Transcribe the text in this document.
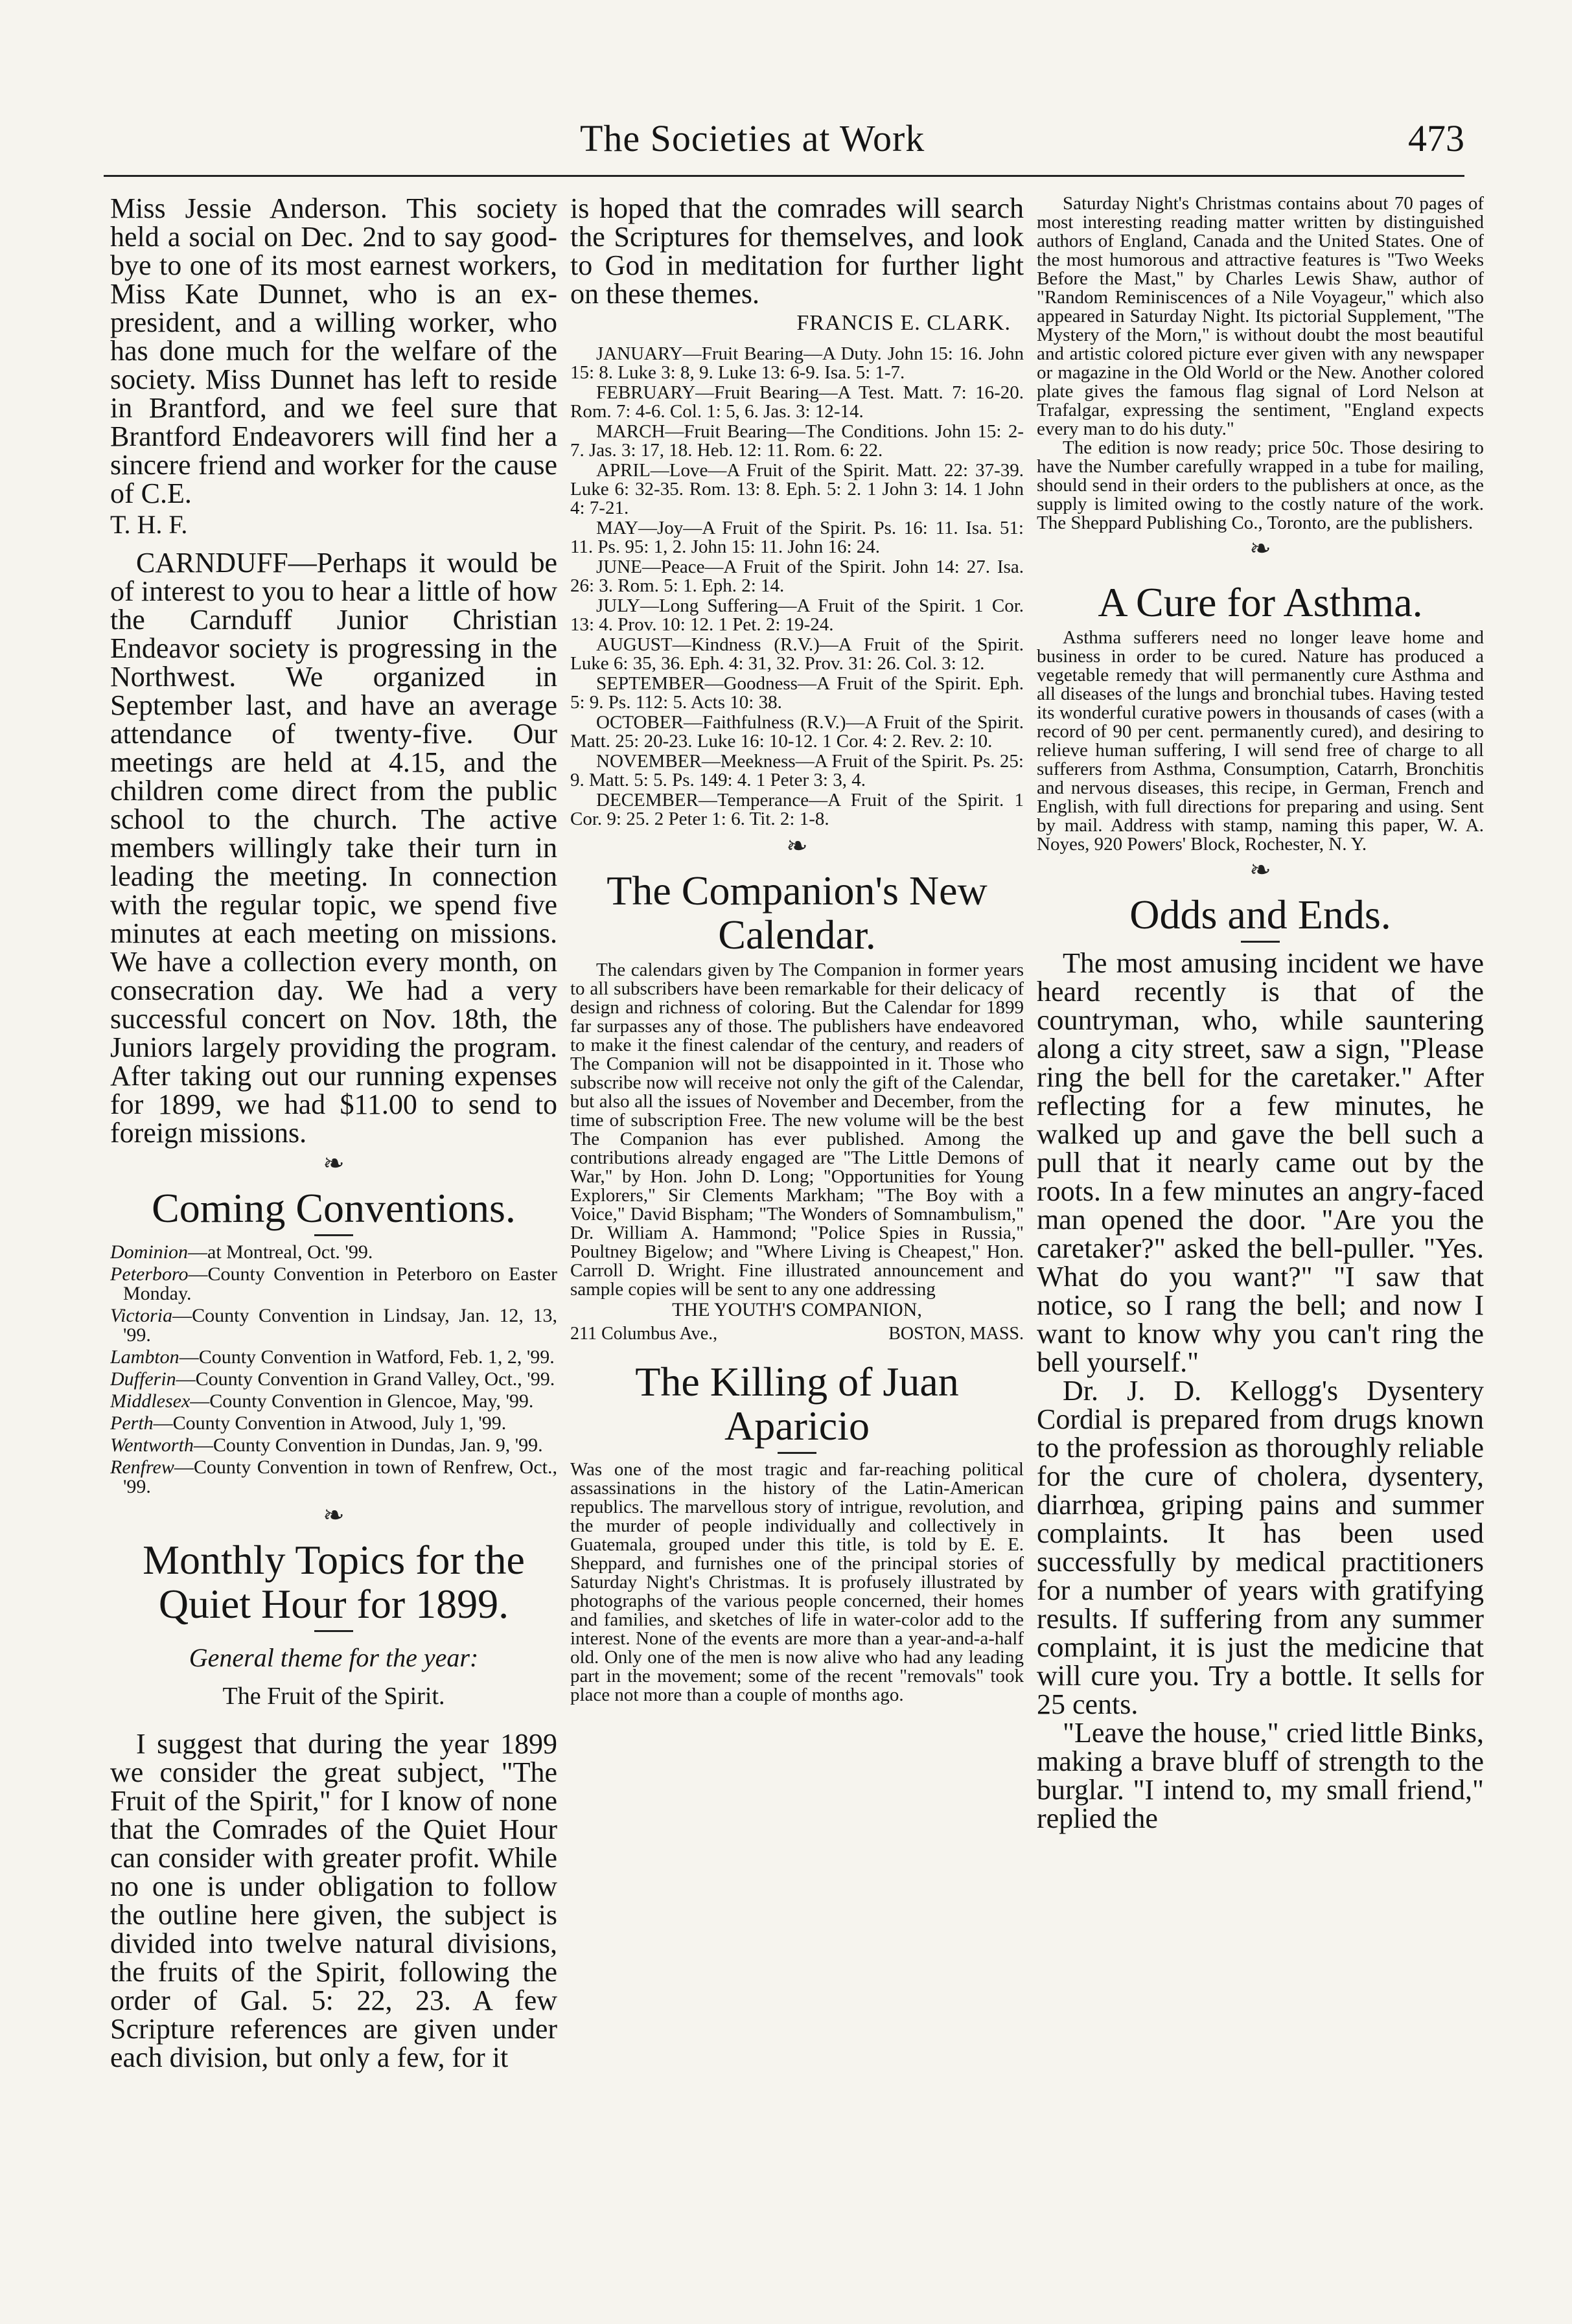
The Societies at Work	473

Miss Jessie Anderson. This society held a social on Dec. 2nd to say good-bye to one of its most earnest workers, Miss Kate Dunnet, who is an ex-president, and a willing worker, who has done much for the welfare of the society. Miss Dunnet has left to reside in Brantford, and we feel sure that Brantford Endeavorers will find her a sincere friend and worker for the cause of C.E.

T. H. F.

CARNDUFF—Perhaps it would be of interest to you to hear a little of how the Carnduff Junior Christian Endeavor society is progressing in the Northwest. We organized in September last, and have an average attendance of twenty-five. Our meetings are held at 4.15, and the children come direct from the public school to the church. The active members willingly take their turn in leading the meeting. In connection with the regular topic, we spend five minutes at each meeting on missions. We have a collection every month, on consecration day. We had a very successful concert on Nov. 18th, the Juniors largely providing the program. After taking out our running expenses for 1899, we had $11.00 to send to foreign missions.

❧
Coming Conventions.

Dominion—at Montreal, Oct. '99.

Peterboro—County Convention in Peterboro on Easter Monday.

Victoria—County Convention in Lindsay, Jan. 12, 13, '99.

Lambton—County Convention in Watford, Feb. 1, 2, '99.

Dufferin—County Convention in Grand Valley, Oct., '99.

Middlesex—County Convention in Glencoe, May, '99.

Perth—County Convention in Atwood, July 1, '99.

Wentworth—County Convention in Dundas, Jan. 9, '99.

Renfrew—County Convention in town of Renfrew, Oct., '99.

❧
Monthly Topics for the Quiet Hour for 1899.
General theme for the year:
The Fruit of the Spirit.

I suggest that during the year 1899 we consider the great subject, "The Fruit of the Spirit," for I know of none that the Comrades of the Quiet Hour can consider with greater profit. While no one is under obligation to follow the outline here given, the subject is divided into twelve natural divisions, the fruits of the Spirit, following the order of Gal. 5: 22, 23. A few Scripture references are given under each division, but only a few, for it

is hoped that the comrades will search the Scriptures for themselves, and look to God in meditation for further light on these themes.

FRANCIS E. CLARK.

JANUARY—Fruit Bearing—A Duty. John 15: 16. John 15: 8. Luke 3: 8, 9. Luke 13: 6-9. Isa. 5: 1-7.

FEBRUARY—Fruit Bearing—A Test. Matt. 7: 16-20. Rom. 7: 4-6. Col. 1: 5, 6. Jas. 3: 12-14.

MARCH—Fruit Bearing—The Conditions. John 15: 2-7. Jas. 3: 17, 18. Heb. 12: 11. Rom. 6: 22.

APRIL—Love—A Fruit of the Spirit. Matt. 22: 37-39. Luke 6: 32-35. Rom. 13: 8. Eph. 5: 2. 1 John 3: 14. 1 John 4: 7-21.

MAY—Joy—A Fruit of the Spirit. Ps. 16: 11. Isa. 51: 11. Ps. 95: 1, 2. John 15: 11. John 16: 24.

JUNE—Peace—A Fruit of the Spirit. John 14: 27. Isa. 26: 3. Rom. 5: 1. Eph. 2: 14.

JULY—Long Suffering—A Fruit of the Spirit. 1 Cor. 13: 4. Prov. 10: 12. 1 Pet. 2: 19-24.

AUGUST—Kindness (R.V.)—A Fruit of the Spirit. Luke 6: 35, 36. Eph. 4: 31, 32. Prov. 31: 26. Col. 3: 12.

SEPTEMBER—Goodness—A Fruit of the Spirit. Eph. 5: 9. Ps. 112: 5. Acts 10: 38.

OCTOBER—Faithfulness (R.V.)—A Fruit of the Spirit. Matt. 25: 20-23. Luke 16: 10-12. 1 Cor. 4: 2. Rev. 2: 10.

NOVEMBER—Meekness—A Fruit of the Spirit. Ps. 25: 9. Matt. 5: 5. Ps. 149: 4. 1 Peter 3: 3, 4.

DECEMBER—Temperance—A Fruit of the Spirit. 1 Cor. 9: 25. 2 Peter 1: 6. Tit. 2: 1-8.

❧
The Companion's New Calendar.

The calendars given by The Companion in former years to all subscribers have been remarkable for their delicacy of design and richness of coloring. But the Calendar for 1899 far surpasses any of those. The publishers have endeavored to make it the finest calendar of the century, and readers of The Companion will not be disappointed in it. Those who subscribe now will receive not only the gift of the Calendar, but also all the issues of November and December, from the time of subscription Free. The new volume will be the best The Companion has ever published. Among the contributions already engaged are "The Little Demons of War," by Hon. John D. Long; "Opportunities for Young Explorers," Sir Clements Markham; "The Boy with a Voice," David Bispham; "The Wonders of Somnambulism," Dr. William A. Hammond; "Police Spies in Russia," Poultney Bigelow; and "Where Living is Cheapest," Hon. Carroll D. Wright. Fine illustrated announcement and sample copies will be sent to any one addressing

THE YOUTH'S COMPANION,
211 Columbus Ave.,	BOSTON, MASS.
The Killing of Juan Aparicio

Was one of the most tragic and far-reaching political assassinations in the history of the Latin-American republics. The marvellous story of intrigue, revolution, and the murder of people individually and collectively in Guatemala, grouped under this title, is told by E. E. Sheppard, and furnishes one of the principal stories of Saturday Night's Christmas. It is profusely illustrated by photographs of the various people concerned, their homes and families, and sketches of life in water-color add to the interest. None of the events are more than a year-and-a-half old. Only one of the men is now alive who had any leading part in the movement; some of the recent "removals" took place not more than a couple of months ago.

Saturday Night's Christmas contains about 70 pages of most interesting reading matter written by distinguished authors of England, Canada and the United States. One of the most humorous and attractive features is "Two Weeks Before the Mast," by Charles Lewis Shaw, author of "Random Reminiscences of a Nile Voyageur," which also appeared in Saturday Night. Its pictorial Supplement, "The Mystery of the Morn," is without doubt the most beautiful and artistic colored picture ever given with any newspaper or magazine in the Old World or the New. Another colored plate gives the famous flag signal of Lord Nelson at Trafalgar, expressing the sentiment, "England expects every man to do his duty."

The edition is now ready; price 50c. Those desiring to have the Number carefully wrapped in a tube for mailing, should send in their orders to the publishers at once, as the supply is limited owing to the costly nature of the work. The Sheppard Publishing Co., Toronto, are the publishers.

❧
A Cure for Asthma.

Asthma sufferers need no longer leave home and business in order to be cured. Nature has produced a vegetable remedy that will permanently cure Asthma and all diseases of the lungs and bronchial tubes. Having tested its wonderful curative powers in thousands of cases (with a record of 90 per cent. permanently cured), and desiring to relieve human suffering, I will send free of charge to all sufferers from Asthma, Consumption, Catarrh, Bronchitis and nervous diseases, this recipe, in German, French and English, with full directions for preparing and using. Sent by mail. Address with stamp, naming this paper, W. A. Noyes, 920 Powers' Block, Rochester, N. Y.

❧
Odds and Ends.

The most amusing incident we have heard recently is that of the countryman, who, while sauntering along a city street, saw a sign, "Please ring the bell for the caretaker." After reflecting for a few minutes, he walked up and gave the bell such a pull that it nearly came out by the roots. In a few minutes an angry-faced man opened the door. "Are you the caretaker?" asked the bell-puller. "Yes. What do you want?" "I saw that notice, so I rang the bell; and now I want to know why you can't ring the bell yourself."

Dr. J. D. Kellogg's Dysentery Cordial is prepared from drugs known to the profession as thoroughly reliable for the cure of cholera, dysentery, diarrhœa, griping pains and summer complaints. It has been used successfully by medical practitioners for a number of years with gratifying results. If suffering from any summer complaint, it is just the medicine that will cure you. Try a bottle. It sells for 25 cents.

"Leave the house," cried little Binks, making a brave bluff of strength to the burglar. "I intend to, my small friend," replied the
